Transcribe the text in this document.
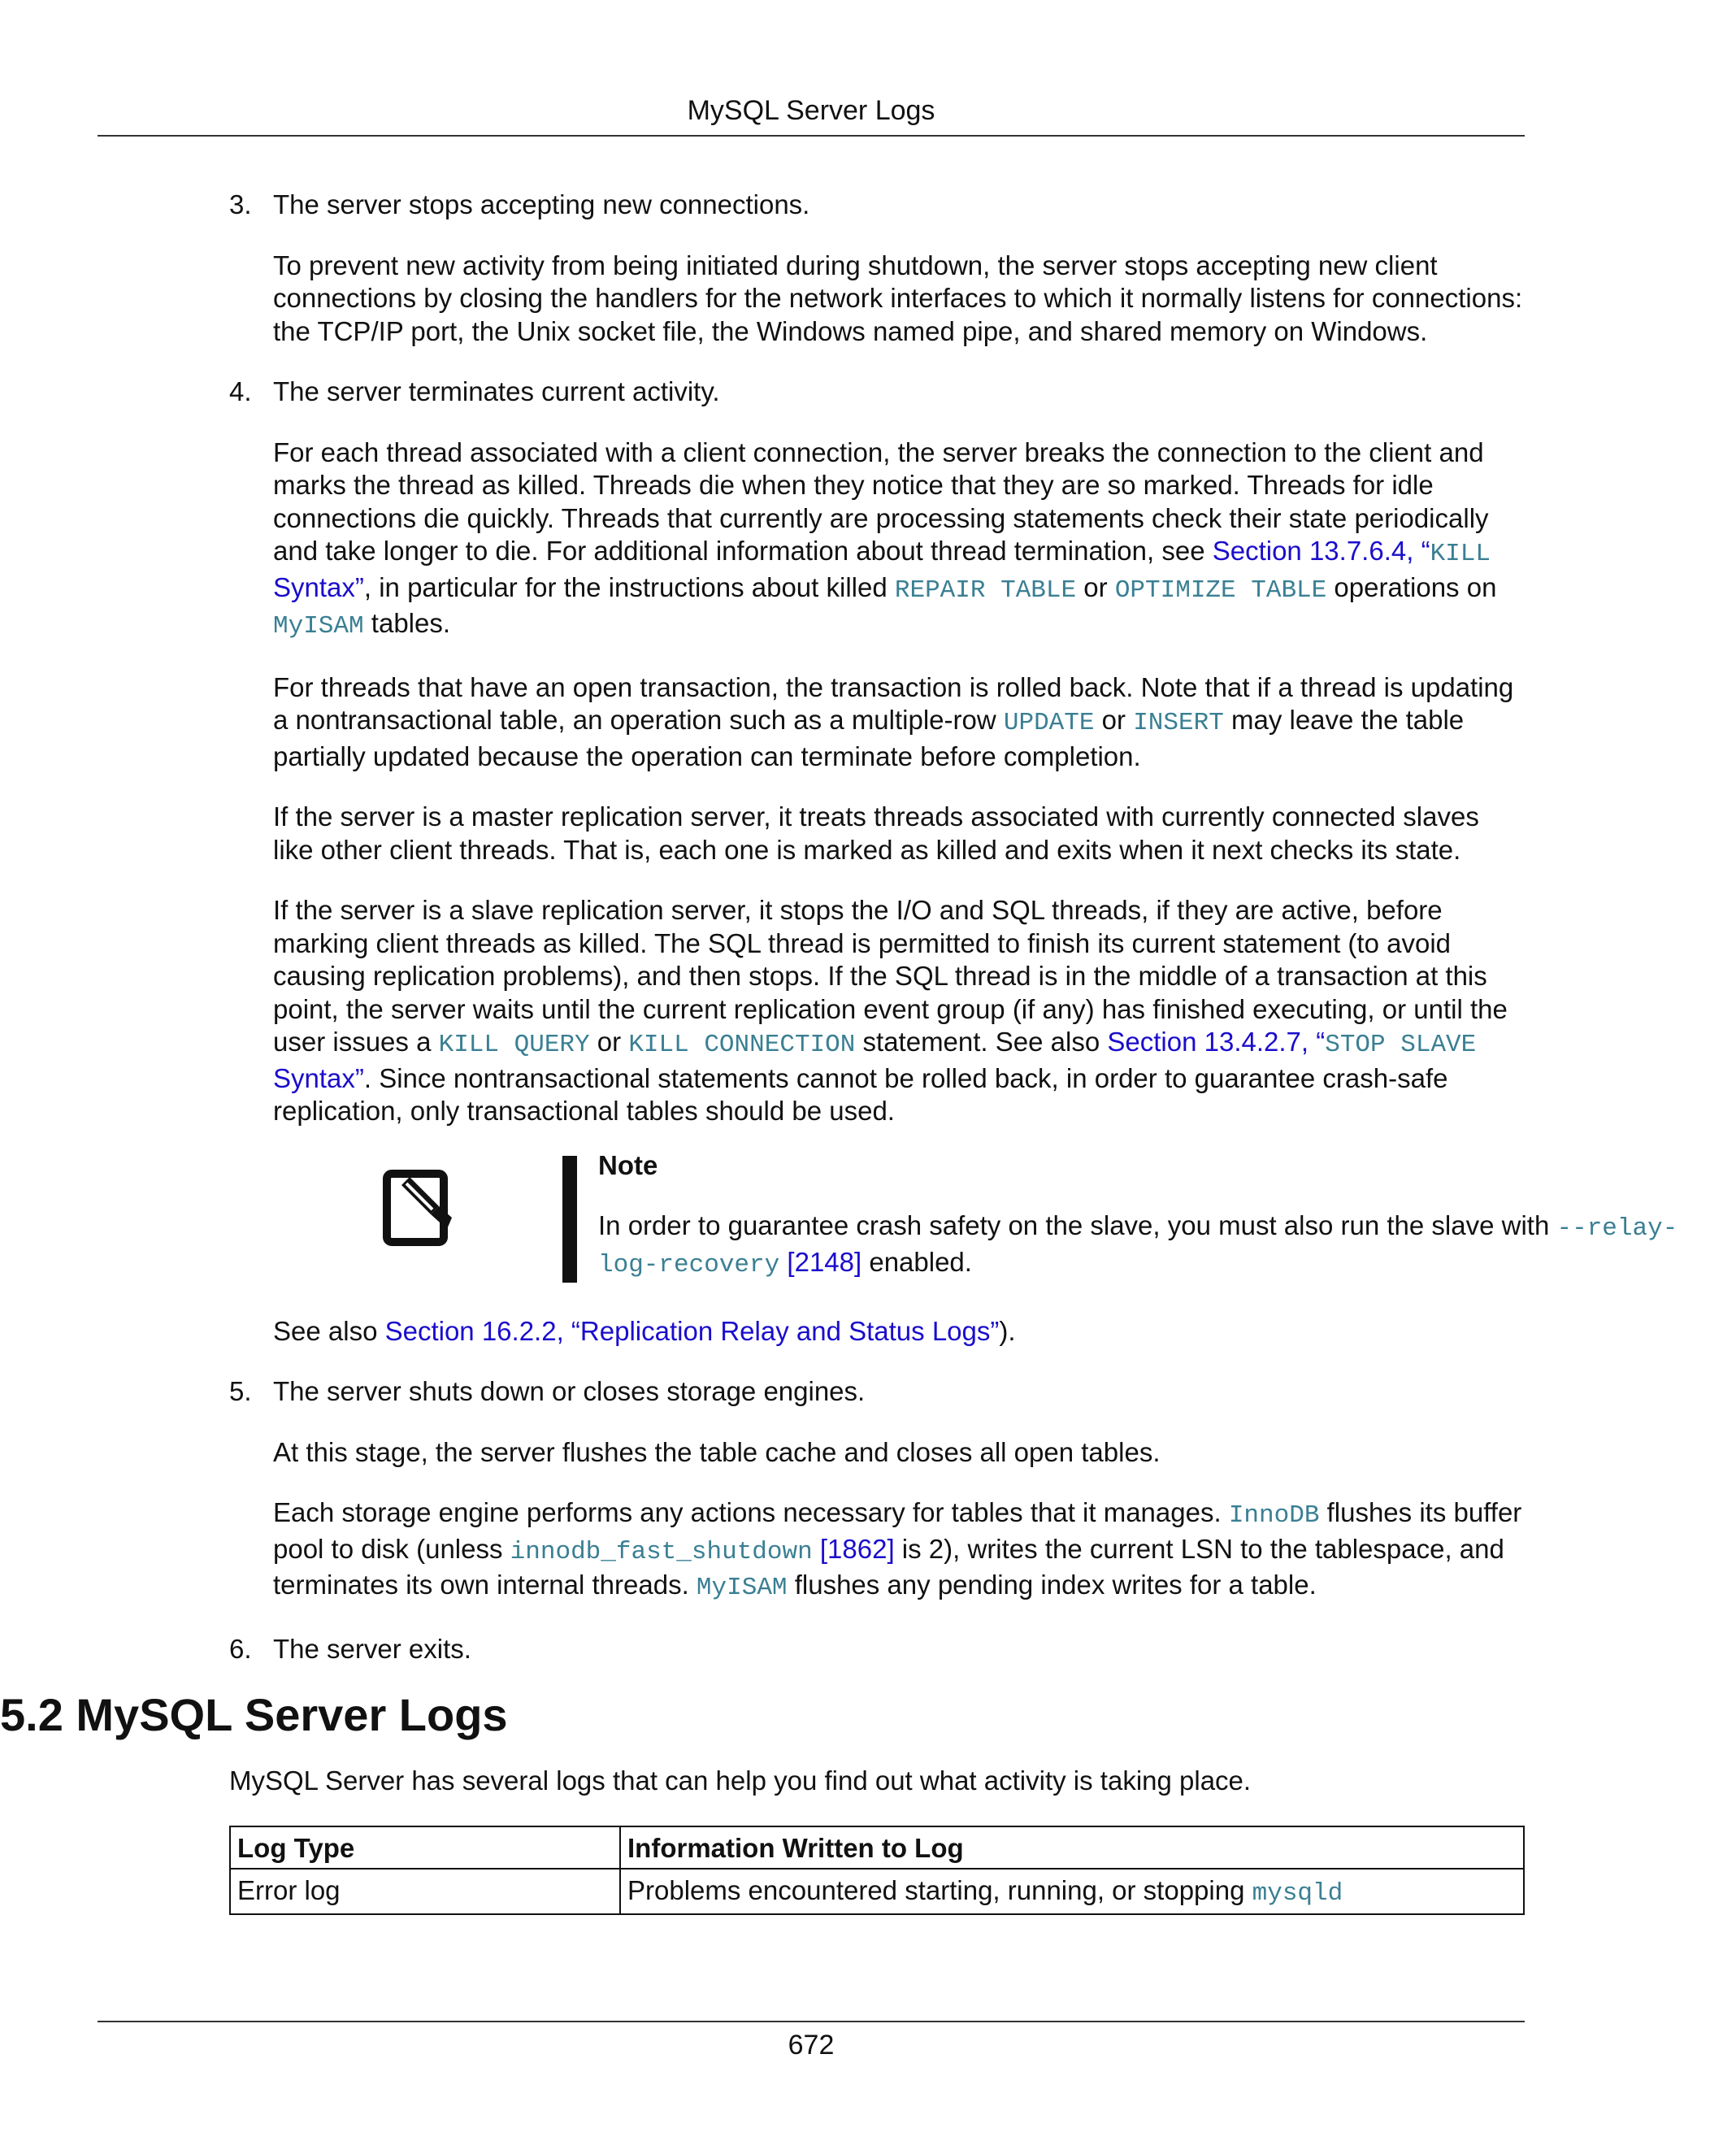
MySQL Server Logs
3. The server stops accepting new connections.

To prevent new activity from being initiated during shutdown, the server stops accepting new client connections by closing the handlers for the network interfaces to which it normally listens for connections: the TCP/IP port, the Unix socket file, the Windows named pipe, and shared memory on Windows.

4. The server terminates current activity.

For each thread associated with a client connection, the server breaks the connection to the client and marks the thread as killed. Threads die when they notice that they are so marked. Threads for idle connections die quickly. Threads that currently are processing statements check their state periodically and take longer to die. For additional information about thread termination, see Section 13.7.6.4, “KILL Syntax”, in particular for the instructions about killed REPAIR TABLE or OPTIMIZE TABLE operations on MyISAM tables.

For threads that have an open transaction, the transaction is rolled back. Note that if a thread is updating a nontransactional table, an operation such as a multiple-row UPDATE or INSERT may leave the table partially updated because the operation can terminate before completion.

If the server is a master replication server, it treats threads associated with currently connected slaves like other client threads. That is, each one is marked as killed and exits when it next checks its state.

If the server is a slave replication server, it stops the I/O and SQL threads, if they are active, before marking client threads as killed. The SQL thread is permitted to finish its current statement (to avoid causing replication problems), and then stops. If the SQL thread is in the middle of a transaction at this point, the server waits until the current replication event group (if any) has finished executing, or until the user issues a KILL QUERY or KILL CONNECTION statement. See also Section 13.4.2.7, “STOP SLAVE Syntax”. Since nontransactional statements cannot be rolled back, in order to guarantee crash-safe replication, only transactional tables should be used.

Note

In order to guarantee crash safety on the slave, you must also run the slave with --relay-log-recovery [2148] enabled.

See also Section 16.2.2, “Replication Relay and Status Logs”).

5. The server shuts down or closes storage engines.

At this stage, the server flushes the table cache and closes all open tables.

Each storage engine performs any actions necessary for tables that it manages. InnoDB flushes its buffer pool to disk (unless innodb_fast_shutdown [1862] is 2), writes the current LSN to the tablespace, and terminates its own internal threads. MyISAM flushes any pending index writes for a table.

6. The server exits.

5.2 MySQL Server Logs

MySQL Server has several logs that can help you find out what activity is taking place.

Log Type	Information Written to Log
Error log	Problems encountered starting, running, or stopping mysqld
672
